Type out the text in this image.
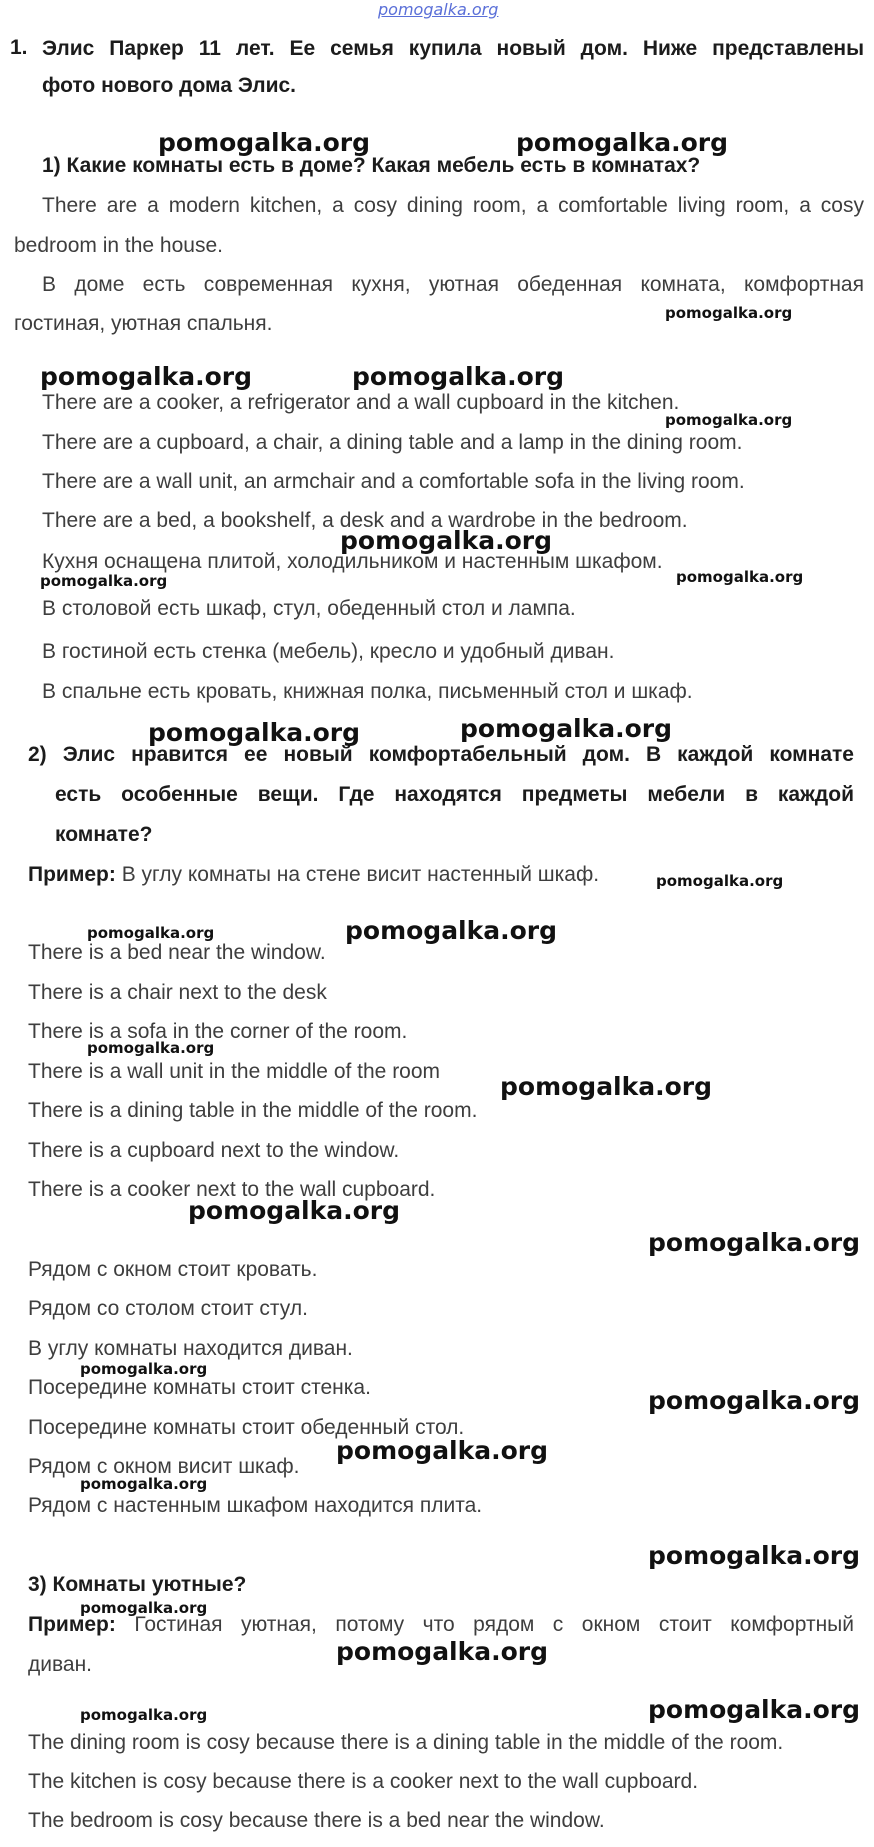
pomogalka.org
1. Элис Паркер 11 лет. Ее семья купила новый дом. Ниже представлены
фото нового дома Элис.
1) Какие комнаты есть в доме? Какая мебель есть в комнатах?
There are a modern kitchen, a cosy dining room, a comfortable living room, a cosy
bedroom in the house.
В доме есть современная кухня, уютная обеденная комната, комфортная
гостиная, уютная спальня.
There are a cooker, a refrigerator and a wall cupboard in the kitchen.
There are a cupboard, a chair, a dining table and a lamp in the dining room.
There are a wall unit, an armchair and a comfortable sofa in the living room.
There are a bed, a bookshelf, a desk and a wardrobe in the bedroom.
Кухня оснащена плитой, холодильником и настенным шкафом.
В столовой есть шкаф, стул, обеденный стол и лампа.
В гостиной есть стенка (мебель), кресло и удобный диван.
В спальне есть кровать, книжная полка, письменный стол и шкаф.
2) Элис нравится ее новый комфортабельный дом. В каждой комнате
есть особенные вещи. Где находятся предметы мебели в каждой
комнате?
Пример: В углу комнаты на стене висит настенный шкаф.
There is a bed near the window.
There is a chair next to the desk
There is a sofa in the corner of the room.
There is a wall unit in the middle of the room
There is a dining table in the middle of the room.
There is a cupboard next to the window.
There is a cooker next to the wall cupboard.
Рядом с окном стоит кровать.
Рядом со столом стоит стул.
В углу комнаты находится диван.
Посередине комнаты стоит стенка.
Посередине комнаты стоит обеденный стол.
Рядом с окном висит шкаф.
Рядом с настенным шкафом находится плита.
3) Комнаты уютные?
Пример: Гостиная уютная, потому что рядом с окном стоит комфортный
диван.
The dining room is cosy because there is a dining table in the middle of the room.
The kitchen is cosy because there is a cooker next to the wall cupboard.
The bedroom is cosy because there is a bed near the window.
pomogalka.org	pomogalka.org
pomogalka.org
pomogalka.org	pomogalka.org
pomogalka.org
pomogalka.org
pomogalka.org	pomogalka.org
pomogalka.org	pomogalka.org
pomogalka.org
pomogalka.org	pomogalka.org
pomogalka.org
pomogalka.org
pomogalka.org
pomogalka.org
pomogalka.org
pomogalka.org
pomogalka.org
pomogalka.org
pomogalka.org
pomogalka.org
pomogalka.org
pomogalka.org	pomogalka.org
